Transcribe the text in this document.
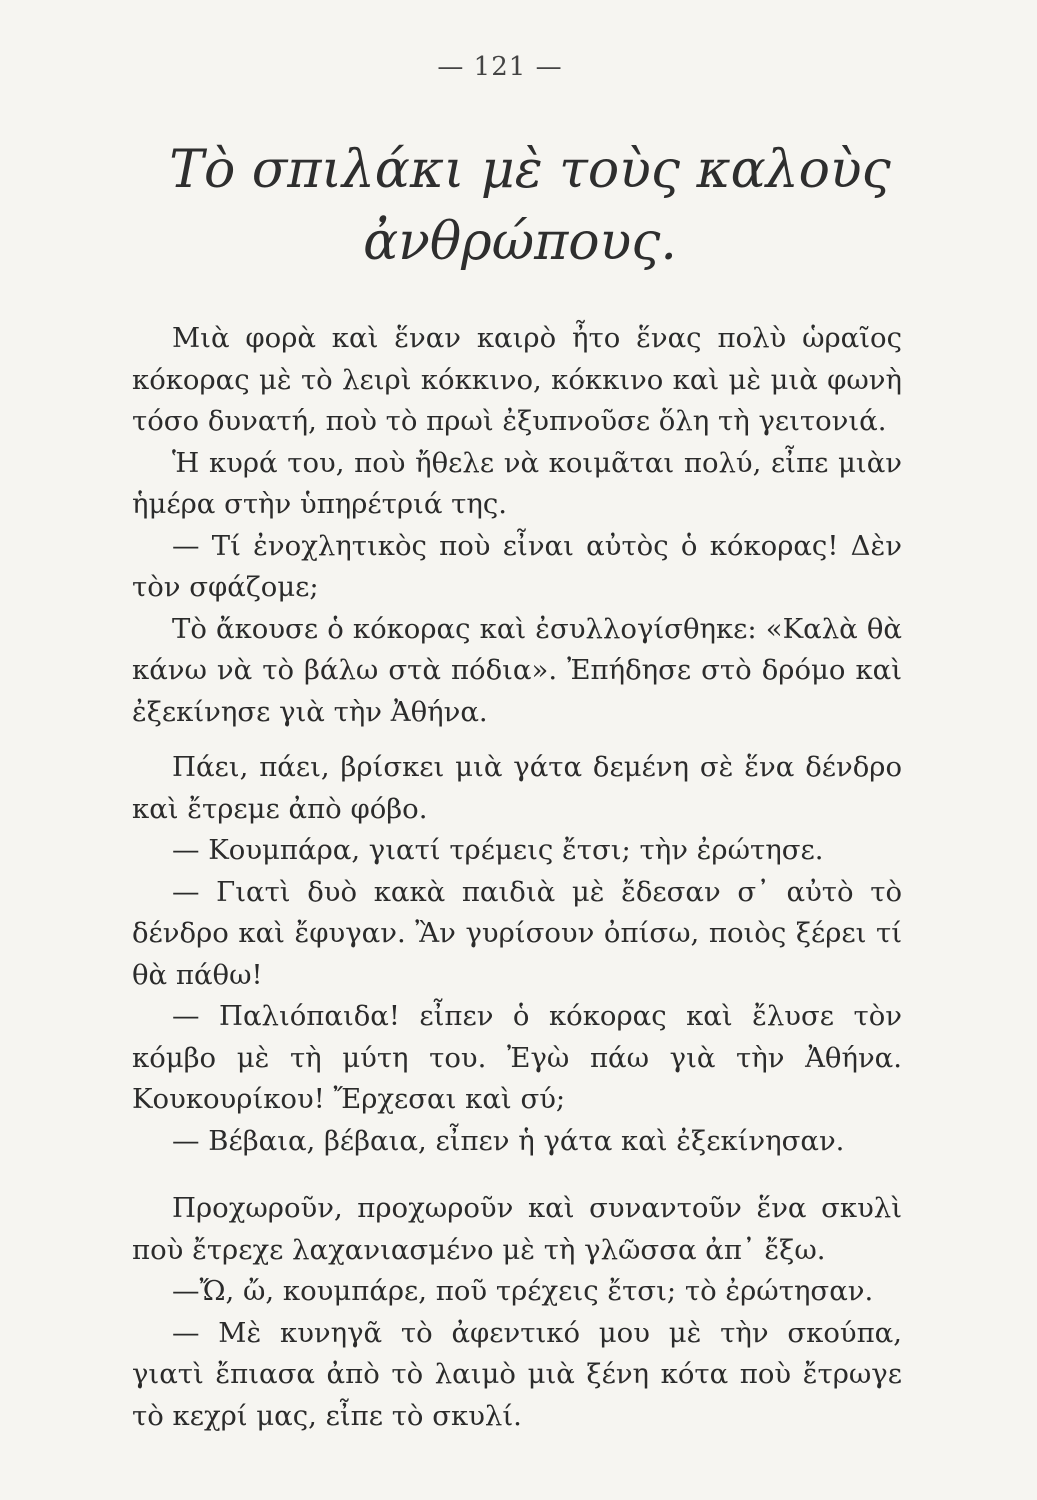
— 121 —
Τὸ σπιλάκι μὲ τοὺς καλοὺς
ἀνθρώπους.

Μιὰ φορὰ καὶ ἕναν καιρὸ ἦτο ἕνας πολὺ ὡραῖος κόκορας μὲ τὸ λειρὶ κόκκινο, κόκκινο καὶ μὲ μιὰ φωνὴ τόσο δυνατή, ποὺ τὸ πρωὶ ἐξυπνοῦσε ὅλη τὴ γειτονιά.

Ἡ κυρά του, ποὺ ἤθελε νὰ κοιμᾶται πολύ, εἶπε μιὰν ἡμέρα στὴν ὑπηρέτριά της.

— Τί ἐνοχλητικὸς ποὺ εἶναι αὐτὸς ὁ κόκορας! Δὲν τὸν σφάζομε;

Τὸ ἄκουσε ὁ κόκορας καὶ ἐσυλλογίσθηκε: «Καλὰ θὰ κάνω νὰ τὸ βάλω στὰ πόδια». Ἐπήδησε στὸ δρόμο καὶ ἐξεκίνησε γιὰ τὴν Ἀθήνα.

Πάει, πάει, βρίσκει μιὰ γάτα δεμένη σὲ ἕνα δένδρο καὶ ἔτρεμε ἀπὸ φόβο.

— Κουμπάρα, γιατί τρέμεις ἔτσι; τὴν ἐρώτησε.

— Γιατὶ δυὸ κακὰ παιδιὰ μὲ ἔδεσαν σ᾽ αὐτὸ τὸ δένδρο καὶ ἔφυγαν. Ἂν γυρίσουν ὀπίσω, ποιὸς ξέρει τί θὰ πάθω!

— Παλιόπαιδα! εἶπεν ὁ κόκορας καὶ ἔλυσε τὸν κόμβο μὲ τὴ μύτη του. Ἐγὼ πάω γιὰ τὴν Ἀθήνα. Κουκουρίκου! Ἔρχεσαι καὶ σύ;

— Βέβαια, βέβαια, εἶπεν ἡ γάτα καὶ ἐξεκίνησαν.

Προχωροῦν, προχωροῦν καὶ συναντοῦν ἕνα σκυλὶ ποὺ ἔτρεχε λαχανιασμένο μὲ τὴ γλῶσσα ἀπ᾽ ἔξω.

—Ὤ, ὤ, κουμπάρε, ποῦ τρέχεις ἔτσι; τὸ ἐρώτησαν.

— Μὲ κυνηγᾶ τὸ ἀφεντικό μου μὲ τὴν σκούπα, γιατὶ ἔπιασα ἀπὸ τὸ λαιμὸ μιὰ ξένη κότα ποὺ ἔτρωγε τὸ κεχρί μας, εἶπε τὸ σκυλί.
